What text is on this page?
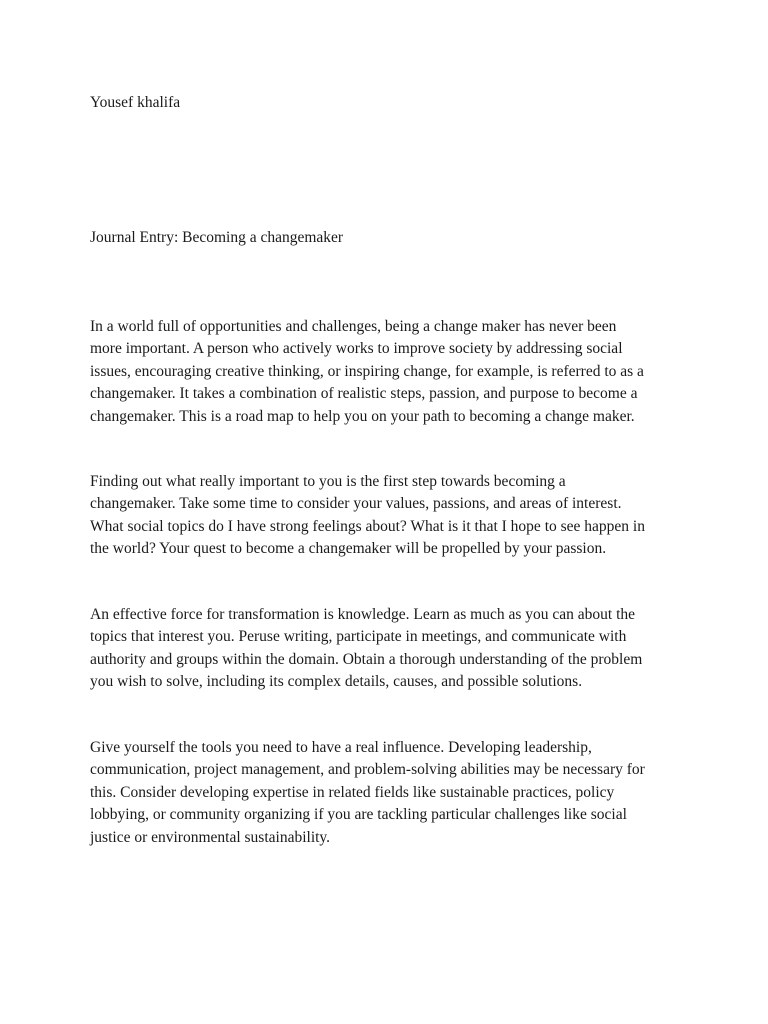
Yousef khalifa

Journal Entry: Becoming a changemaker

In a world full of opportunities and challenges, being a change maker has never been
more important. A person who actively works to improve society by addressing social
issues, encouraging creative thinking, or inspiring change, for example, is referred to as a
changemaker. It takes a combination of realistic steps, passion, and purpose to become a
changemaker. This is a road map to help you on your path to becoming a change maker.

Finding out what really important to you is the first step towards becoming a
changemaker. Take some time to consider your values, passions, and areas of interest.
What social topics do I have strong feelings about? What is it that I hope to see happen in
the world? Your quest to become a changemaker will be propelled by your passion.

An effective force for transformation is knowledge. Learn as much as you can about the
topics that interest you. Peruse writing, participate in meetings, and communicate with
authority and groups within the domain. Obtain a thorough understanding of the problem
you wish to solve, including its complex details, causes, and possible solutions.

Give yourself the tools you need to have a real influence. Developing leadership,
communication, project management, and problem-solving abilities may be necessary for
this. Consider developing expertise in related fields like sustainable practices, policy
lobbying, or community organizing if you are tackling particular challenges like social
justice or environmental sustainability.
